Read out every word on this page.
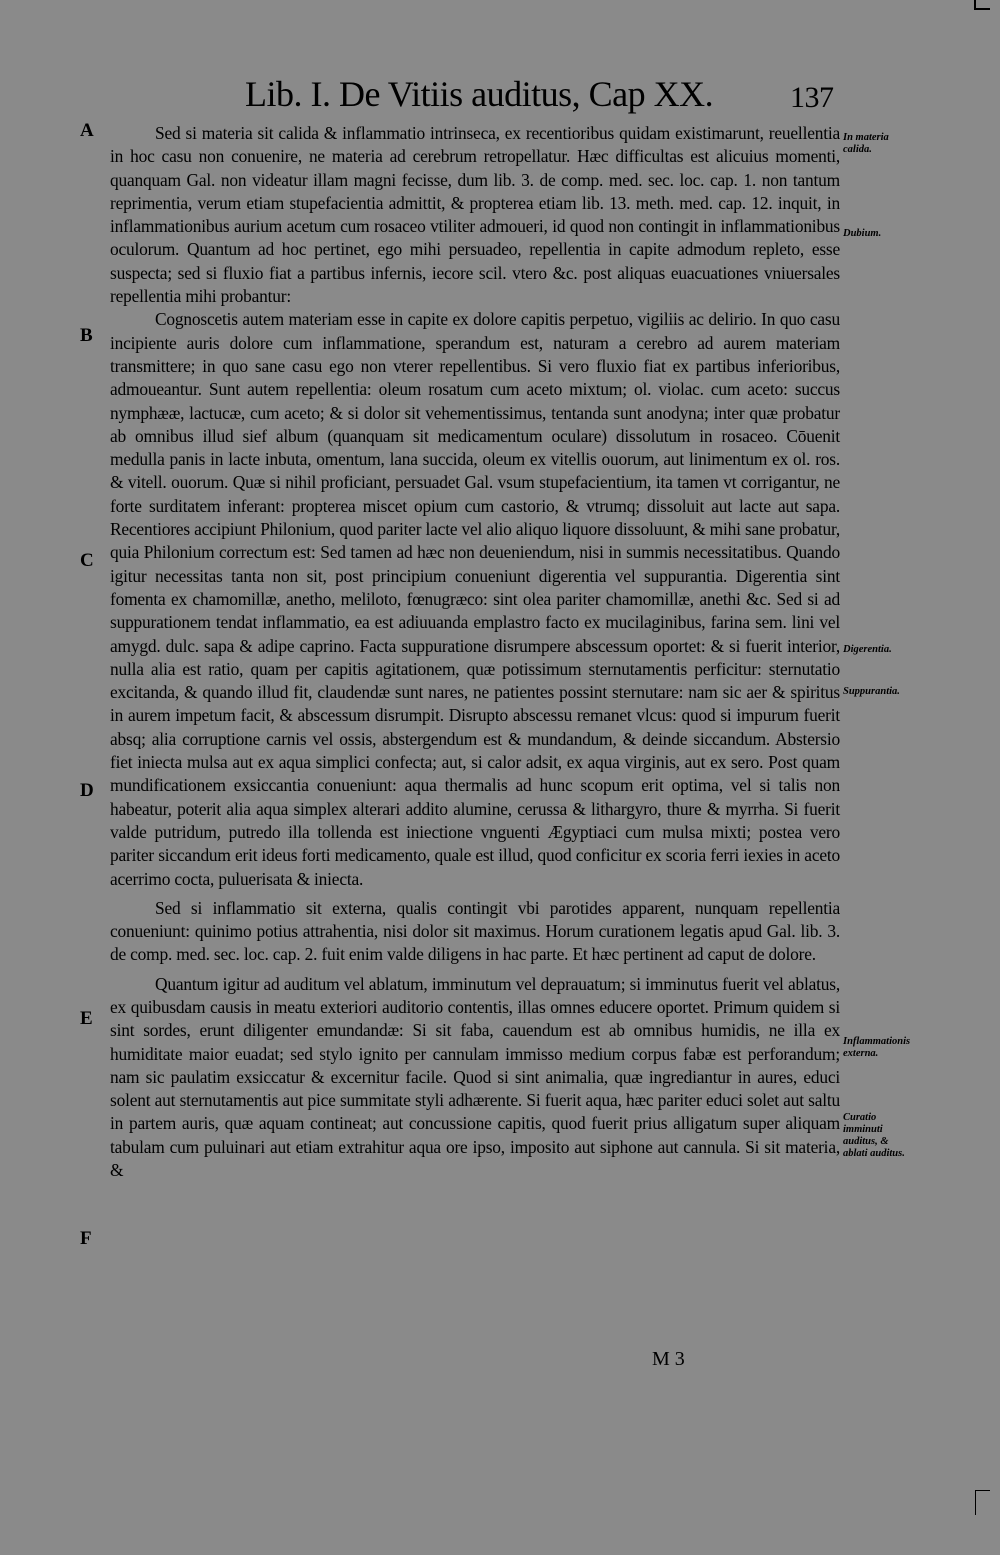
Lib. I. De Vitiis auditus, Cap XX.	137
A
B
C
D
E
F
In materia calida.
Dubium.
Digerentia.
Suppurantia.
Inflammationis externa.
Curatio imminuti auditus, & ablati auditus.

Sed si materia sit calida & inflammatio intrinseca, ex recentioribus quidam existimarunt, reuellentia in hoc casu non conuenire, ne materia ad cerebrum retropellatur. Hæc difficultas est alicuius momenti, quanquam Gal. non videatur illam magni fecisse, dum lib. 3. de comp. med. sec. loc. cap. 1. non tantum reprimentia, verum etiam stupefacientia admittit, & propterea etiam lib. 13. meth. med. cap. 12. inquit, in inflammationibus aurium acetum cum rosaceo vtiliter admoueri, id quod non contingit in inflammationibus oculorum. Quantum ad hoc pertinet, ego mihi persuadeo, repellentia in capite admodum repleto, esse suspecta; sed si fluxio fiat a partibus infernis, iecore scil. vtero &c. post aliquas euacuationes vniuersales repellentia mihi probantur:

Cognoscetis autem materiam esse in capite ex dolore capitis perpetuo, vigiliis ac delirio. In quo casu incipiente auris dolore cum inflammatione, sperandum est, naturam a cerebro ad aurem materiam transmittere; in quo sane casu ego non vterer repellentibus. Si vero fluxio fiat ex partibus inferioribus, admoueantur. Sunt autem repellentia: oleum rosatum cum aceto mixtum; ol. violac. cum aceto: succus nymphææ, lactucæ, cum aceto; & si dolor sit vehementissimus, tentanda sunt anodyna; inter quæ probatur ab omnibus illud sief album (quanquam sit medicamentum oculare) dissolutum in rosaceo. Cōuenit medulla panis in lacte inbuta, omentum, lana succida, oleum ex vitellis ouorum, aut linimentum ex ol. ros. & vitell. ouorum. Quæ si nihil proficiant, persuadet Gal. vsum stupefacientium, ita tamen vt corrigantur, ne forte surditatem inferant: propterea miscet opium cum castorio, & vtrumq; dissoluit aut lacte aut sapa. Recentiores accipiunt Philonium, quod pariter lacte vel alio aliquo liquore dissoluunt, & mihi sane probatur, quia Philonium correctum est: Sed tamen ad hæc non deueniendum, nisi in summis necessitatibus. Quando igitur necessitas tanta non sit, post principium conueniunt digerentia vel suppurantia. Digerentia sint fomenta ex chamomillæ, anetho, meliloto, fœnugræco: sint olea pariter chamomillæ, anethi &c. Sed si ad suppurationem tendat inflammatio, ea est adiuuanda emplastro facto ex mucilaginibus, farina sem. lini vel amygd. dulc. sapa & adipe caprino. Facta suppuratione disrumpere abscessum oportet: & si fuerit interior, nulla alia est ratio, quam per capitis agitationem, quæ potissimum sternutamentis perficitur: sternutatio excitanda, & quando illud fit, claudendæ sunt nares, ne patientes possint sternutare: nam sic aer & spiritus in aurem impetum facit, & abscessum disrumpit. Disrupto abscessu remanet vlcus: quod si impurum fuerit absq; alia corruptione carnis vel ossis, abstergendum est & mundandum, & deinde siccandum. Abstersio fiet iniecta mulsa aut ex aqua simplici confecta; aut, si calor adsit, ex aqua virginis, aut ex sero. Post quam mundificationem exsiccantia conueniunt: aqua thermalis ad hunc scopum erit optima, vel si talis non habeatur, poterit alia aqua simplex alterari addito alumine, cerussa & lithargyro, thure & myrrha. Si fuerit valde putridum, putredo illa tollenda est iniectione vnguenti Ægyptiaci cum mulsa mixti; postea vero pariter siccandum erit ideus forti medicamento, quale est illud, quod conficitur ex scoria ferri iexies in aceto acerrimo cocta, puluerisata & iniecta.

Sed si inflammatio sit externa, qualis contingit vbi parotides apparent, nunquam repellentia conueniunt: quinimo potius attrahentia, nisi dolor sit maximus. Horum curationem legatis apud Gal. lib. 3. de comp. med. sec. loc. cap. 2. fuit enim valde diligens in hac parte. Et hæc pertinent ad caput de dolore.

Quantum igitur ad auditum vel ablatum, imminutum vel deprauatum; si imminutus fuerit vel ablatus, ex quibusdam causis in meatu exteriori auditorio contentis, illas omnes educere oportet. Primum quidem si sint sordes, erunt diligenter emundandæ: Si sit faba, cauendum est ab omnibus humidis, ne illa ex humiditate maior euadat; sed stylo ignito per cannulam immisso medium corpus fabæ est perforandum; nam sic paulatim exsiccatur & excernitur facile. Quod si sint animalia, quæ ingrediantur in aures, educi solent aut sternutamentis aut pice summitate styli adhærente. Si fuerit aqua, hæc pariter educi solet aut saltu in partem auris, quæ aquam contineat; aut concussione capitis, quod fuerit prius alligatum super aliquam tabulam cum puluinari aut etiam extrahitur aqua ore ipso, imposito aut siphone aut cannula. Si sit materia, &

M 3
